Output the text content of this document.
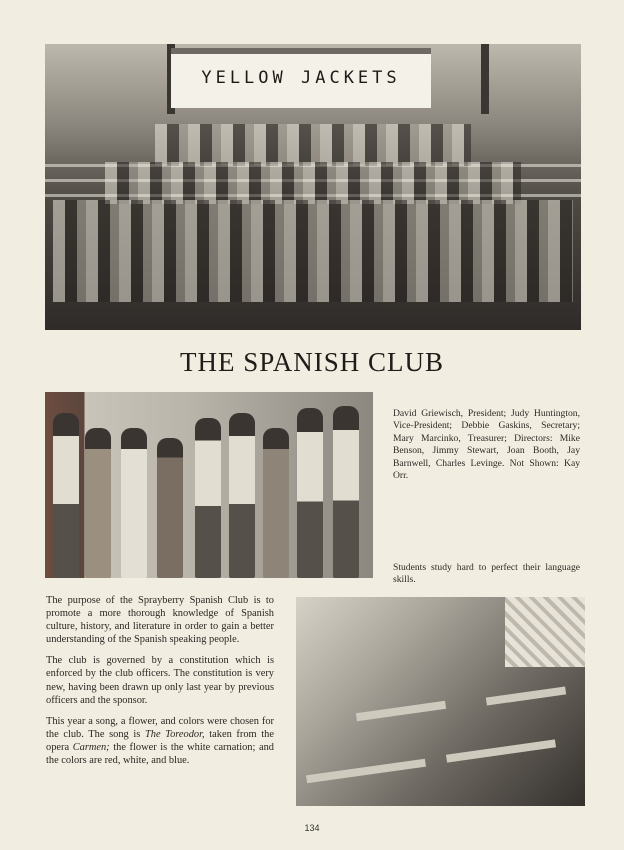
YELLOW JACKETS
THE SPANISH CLUB
David Griewisch, President; Judy Huntington, Vice-President; Debbie Gaskins, Secretary; Mary Marcinko, Treasurer; Directors: Mike Benson, Jimmy Stewart, Joan Booth, Jay Barnwell, Charles Levinge. Not Shown: Kay Orr.
Students study hard to perfect their language skills.

The purpose of the Sprayberry Spanish Club is to promote a more thorough knowledge of Spanish culture, history, and literature in order to gain a better understanding of the Spanish speaking people.

The club is governed by a constitution which is enforced by the club officers. The constitution is very new, having been drawn up only last year by previous officers and the sponsor.

This year a song, a flower, and colors were chosen for the club. The song is The Toreodor, taken from the opera Carmen; the flower is the white carnation; and the colors are red, white, and blue.

134
